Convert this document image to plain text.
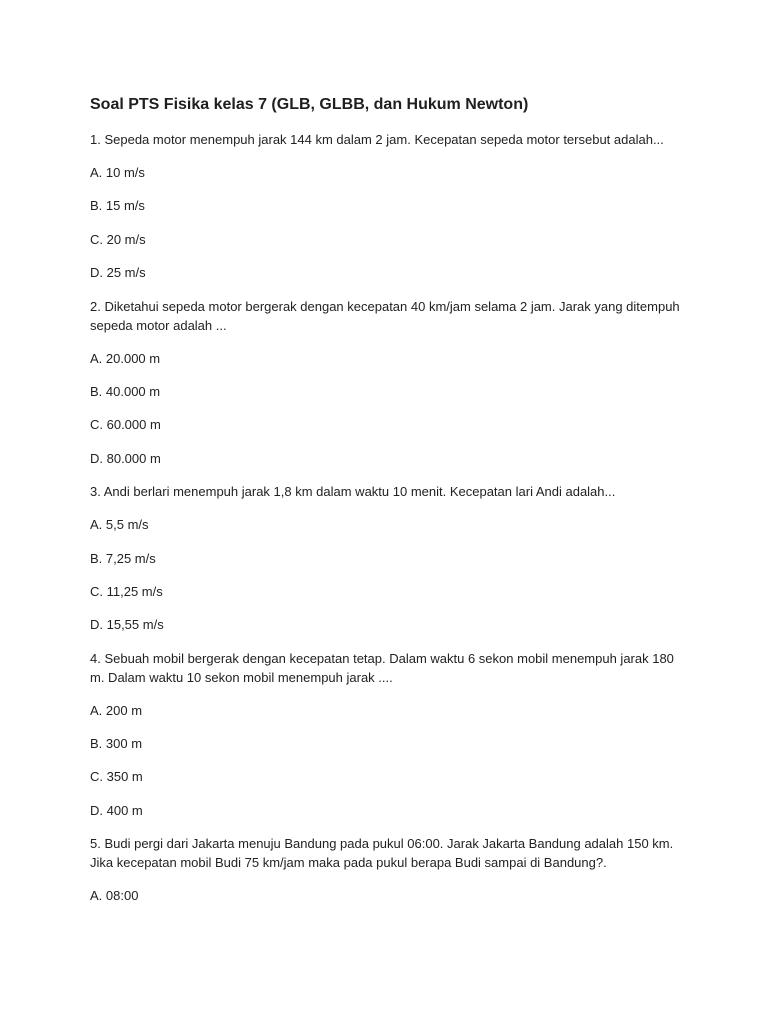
Soal PTS Fisika kelas 7 (GLB, GLBB, dan Hukum Newton)
1. Sepeda motor menempuh jarak 144 km dalam 2 jam. Kecepatan sepeda motor tersebut adalah...
A. 10 m/s
B. 15 m/s
C. 20 m/s
D. 25 m/s
2. Diketahui sepeda motor bergerak dengan kecepatan 40 km/jam selama 2 jam. Jarak yang ditempuh sepeda motor adalah ...
A. 20.000 m
B. 40.000 m
C. 60.000 m
D. 80.000 m
3. Andi berlari menempuh jarak 1,8 km dalam waktu 10 menit. Kecepatan lari Andi adalah...
A. 5,5 m/s
B. 7,25 m/s
C. 11,25 m/s
D. 15,55 m/s
4. Sebuah mobil bergerak dengan kecepatan tetap. Dalam waktu 6 sekon mobil menempuh jarak 180 m. Dalam waktu 10 sekon mobil menempuh jarak ....
A. 200 m
B. 300 m
C. 350 m
D. 400 m
5. Budi pergi dari Jakarta menuju Bandung pada pukul 06:00. Jarak Jakarta Bandung adalah 150 km. Jika kecepatan mobil Budi 75 km/jam maka pada pukul berapa Budi sampai di Bandung?.
A. 08:00
